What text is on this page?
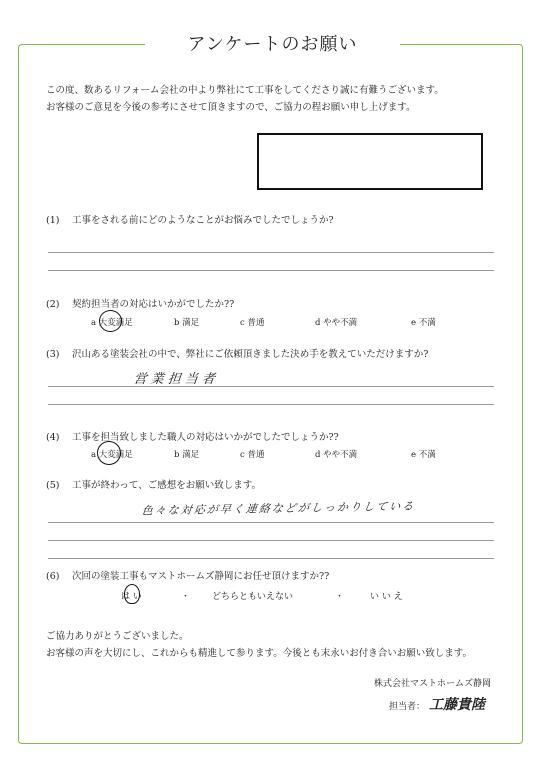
アンケートのお願い
この度、数あるリフォーム会社の中より弊社にて工事をしてくださり誠に有難うございます。
お客様のご意見を今後の参考にさせて頂きますので、ご協力の程お願い申し上げます。
(1) 工事をされる前にどのようなことがお悩みでしたでしょうか?
(2) 契約担当者の対応はいかがでしたか??
a 大変満足	b 満足	c 普通	d やや不満	e 不満
(3) 沢山ある塗装会社の中で、弊社にご依頼頂きました決め手を教えていただけますか?
営業担当者
(4) 工事を担当致しました職人の対応はいかがでしたでしょうか??
a 大変満足	b 満足	c 普通	d やや不満	e 不満
(5) 工事が終わって、ご感想をお願い致します。
色々な対応が早く連絡などがしっかりしている
(6) 次回の塗装工事もマストホームズ静岡にお任せ頂けますか??
は い	・ どちらともいえない	・	い い え
ご協力ありがとうございました。
お客様の声を大切にし、これからも精進して参ります。今後とも末永いお付き合いお願い致します。
株式会社マストホームズ静岡
担当者： 工藤貴陸
